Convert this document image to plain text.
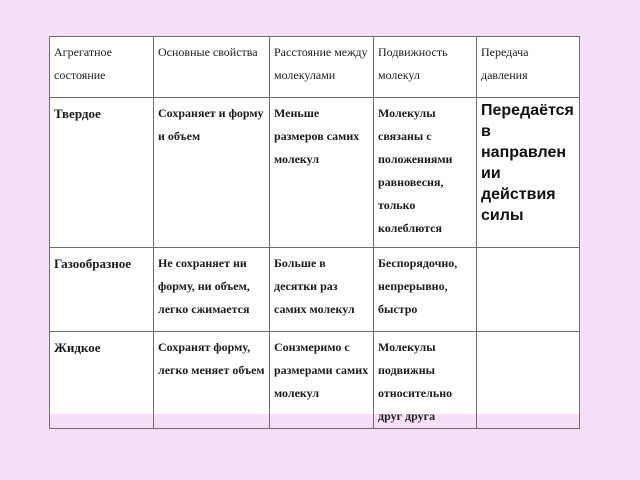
Агрегатное состояние	Основные свойства	Расстояние между молекулами	Подвижность молекул	Передача давления
Твердое	Сохраняет и форму и объем	Меньше размеров самих молекул	Молекулы связаны с положениями равновесня, только колеблются	Передаётся в направлении действия силы
Газообразное	Не сохраняет ни форму, ни объем, легко сжимается	Больше в десятки раз самих молекул	Беспорядочно, непрерывно, быстро	
Жидкое	Сохранят форму, легко меняет объем	Сонзмеримо с размерами самих молекул	Молекулы подвижны относительно друг друга	
